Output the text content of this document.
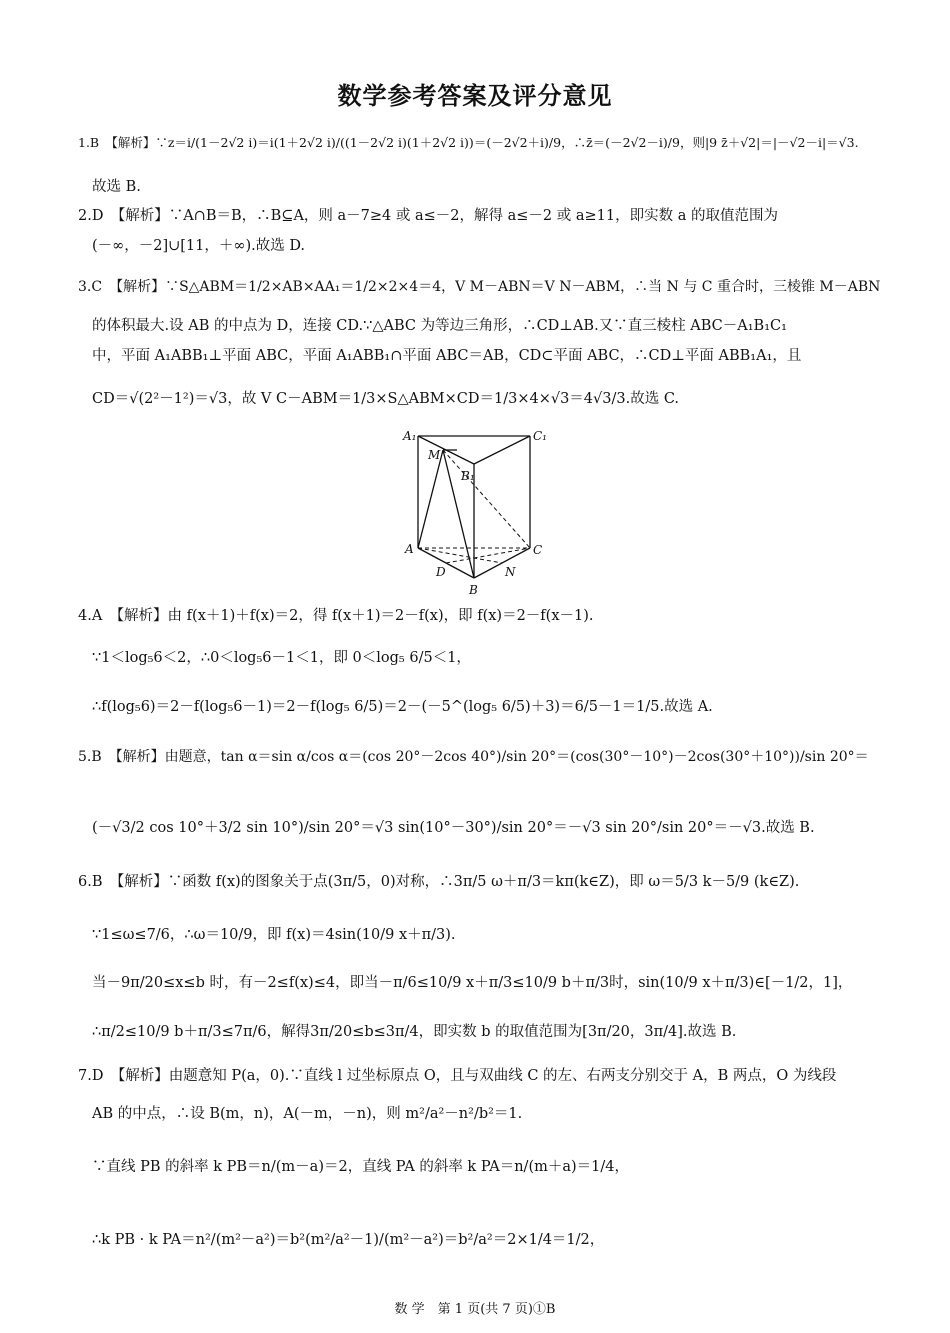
数学参考答案及评分意见
1.B　【解析】∵z＝i/(1－2√2 i)＝i(1＋2√2 i)/((1－2√2 i)(1＋2√2 i))＝(－2√2＋i)/9，∴z̄＝(－2√2－i)/9，则|9 z̄＋√2|＝|－√2－i|＝√3.
故选 B.
2.D　【解析】∵A∩B＝B，∴B⊆A，则 a－7≥4 或 a≤－2，解得 a≤－2 或 a≥11，即实数 a 的取值范围为
(－∞，－2]∪[11，＋∞).故选 D.
3.C　【解析】∵S△ABM＝1/2×AB×AA₁＝1/2×2×4＝4，V M－ABN＝V N－ABM，∴当 N 与 C 重合时，三棱锥 M－ABN
的体积最大.设 AB 的中点为 D，连接 CD.∵△ABC 为等边三角形，∴CD⊥AB.又∵直三棱柱 ABC－A₁B₁C₁
中，平面 A₁ABB₁⊥平面 ABC，平面 A₁ABB₁∩平面 ABC＝AB，CD⊂平面 ABC，∴CD⊥平面 ABB₁A₁，且
CD＝√(2²－1²)＝√3，故 V C－ABM＝1/3×S△ABM×CD＝1/3×4×√3＝4√3/3.故选 C.
4.A　【解析】由 f(x＋1)＋f(x)＝2，得 f(x＋1)＝2－f(x)，即 f(x)＝2－f(x－1).
∵1＜log₅6＜2，∴0＜log₅6－1＜1，即 0＜log₅ 6/5＜1，
∴f(log₅6)＝2－f(log₅6－1)＝2－f(log₅ 6/5)＝2－(－5^(log₅ 6/5)＋3)＝6/5－1＝1/5.故选 A.
5.B　【解析】由题意，tan α＝sin α/cos α＝(cos 20°－2cos 40°)/sin 20°＝(cos(30°－10°)－2cos(30°＋10°))/sin 20°＝
(－√3/2 cos 10°＋3/2 sin 10°)/sin 20°＝√3 sin(10°－30°)/sin 20°＝－√3 sin 20°/sin 20°＝－√3.故选 B.
6.B　【解析】∵函数 f(x)的图象关于点(3π/5，0)对称，∴3π/5 ω＋π/3＝kπ(k∈Z)，即 ω＝5/3 k－5/9 (k∈Z).
∵1≤ω≤7/6，∴ω＝10/9，即 f(x)＝4sin(10/9 x＋π/3).
当－9π/20≤x≤b 时，有－2≤f(x)≤4，即当－π/6≤10/9 x＋π/3≤10/9 b＋π/3时，sin(10/9 x＋π/3)∈[－1/2，1]，
∴π/2≤10/9 b＋π/3≤7π/6，解得3π/20≤b≤3π/4，即实数 b 的取值范围为[3π/20，3π/4].故选 B.
7.D　【解析】由题意知 P(a，0).∵直线 l 过坐标原点 O，且与双曲线 C 的左、右两支分别交于 A，B 两点，O 为线段
AB 的中点，∴设 B(m，n)，A(－m，－n)，则 m²/a²－n²/b²＝1.
∵直线 PB 的斜率 k PB＝n/(m－a)＝2，直线 PA 的斜率 k PA＝n/(m＋a)＝1/4，
∴k PB · k PA＝n²/(m²－a²)＝b²(m²/a²－1)/(m²－a²)＝b²/a²＝2×1/4＝1/2，
A₁	C₁
M
B₁
A	C
D	N
B
数 学　第 1 页(共 7 页)①B
